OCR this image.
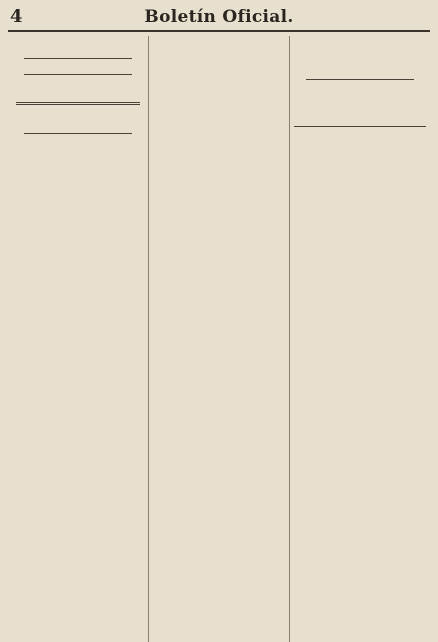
4	Boletín Oficial.
